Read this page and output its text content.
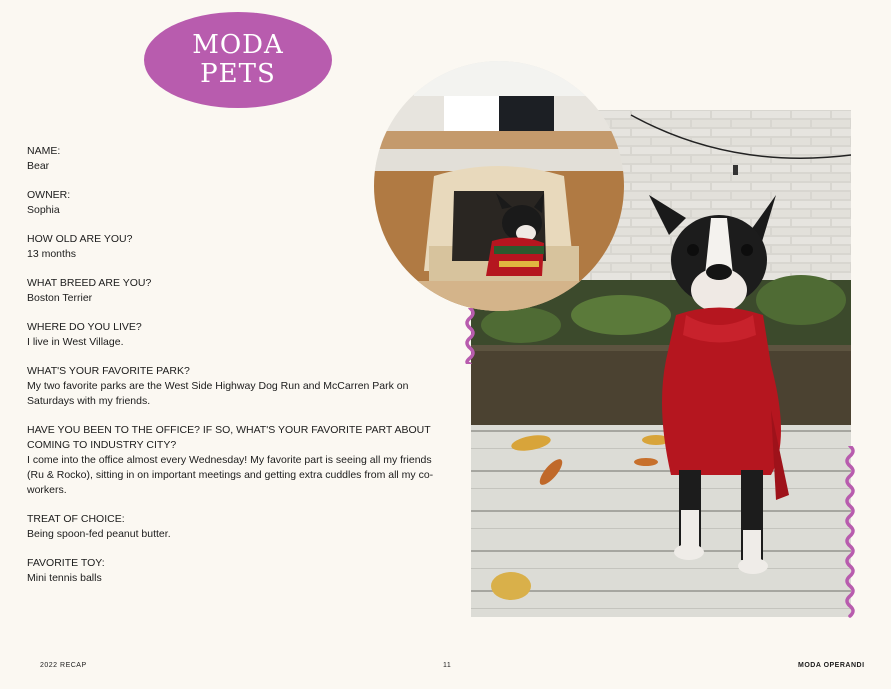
MODA
PETS
NAME:
Bear
OWNER:
Sophia
HOW OLD ARE YOU?
13 months
WHAT BREED ARE YOU?
Boston Terrier
WHERE DO YOU LIVE?
I live in West Village.
WHAT'S YOUR FAVORITE PARK?
My two favorite parks are the West Side Highway Dog Run and McCarren Park on Saturdays with my friends.
HAVE YOU BEEN TO THE OFFICE? IF SO, WHAT'S YOUR FAVORITE PART ABOUT COMING TO INDUSTRY CITY?
I come into the office almost every Wednesday! My favorite part is seeing all my friends (Ru & Rocko), sitting in on important meetings and getting extra cuddles from all my co-workers.
TREAT OF CHOICE:
Being spoon-fed peanut butter.
FAVORITE TOY:
Mini tennis balls
2022 RECAP	11	MODA OPERANDI
